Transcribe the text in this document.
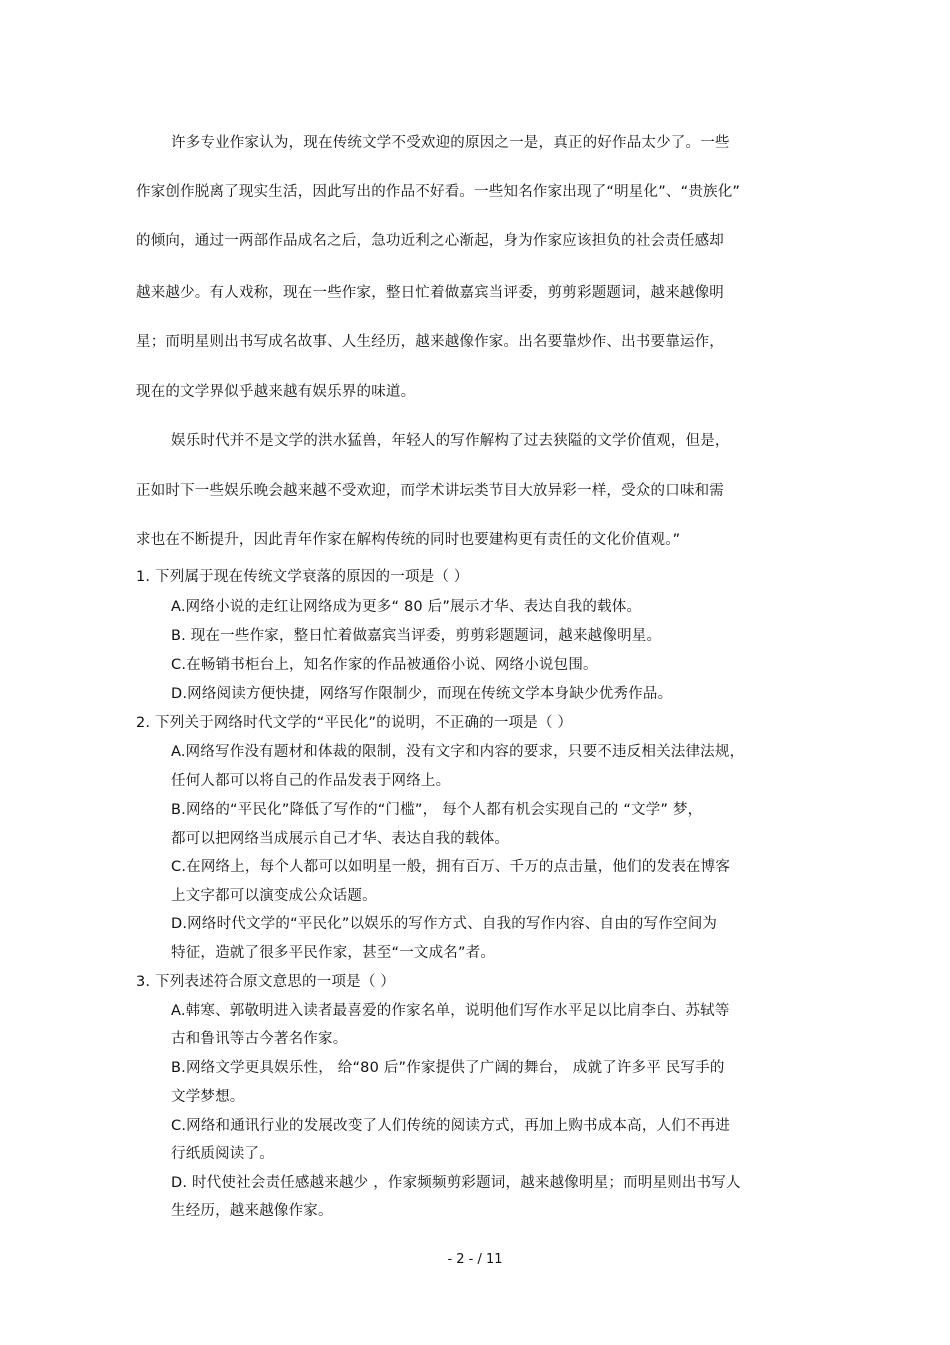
许多专业作家认为，现在传统文学不受欢迎的原因之一是，真正的好作品太少了。一些
作家创作脱离了现实生活，因此写出的作品不好看。一些知名作家出现了“明星化”、“贵族化”
的倾向，通过一两部作品成名之后，急功近利之心渐起，身为作家应该担负的社会责任感却
越来越少。有人戏称，现在一些作家，整日忙着做嘉宾当评委，剪剪彩题题词，越来越像明
星；而明星则出书写成名故事、人生经历，越来越像作家。出名要靠炒作、出书要靠运作，
现在的文学界似乎越来越有娱乐界的味道。
娱乐时代并不是文学的洪水猛兽，年轻人的写作解构了过去狭隘的文学价值观，但是，
正如时下一些娱乐晚会越来越不受欢迎，而学术讲坛类节目大放异彩一样，受众的口味和需
求也在不断提升，因此青年作家在解构传统的同时也要建构更有责任的文化价值观。”
1. 下列属于现在传统文学衰落的原因的一项是（ ）
A.网络小说的走红让网络成为更多“ 80 后”展示才华、表达自我的载体。
B. 现在一些作家，整日忙着做嘉宾当评委，剪剪彩题题词，越来越像明星。
C.在畅销书柜台上，知名作家的作品被通俗小说、网络小说包围。
D.网络阅读方便快捷，网络写作限制少，而现在传统文学本身缺少优秀作品。
2. 下列关于网络时代文学的“平民化”的说明，不正确的一项是（ ）
A.网络写作没有题材和体裁的限制，没有文字和内容的要求，只要不违反相关法律法规，
任何人都可以将自己的作品发表于网络上。
B.网络的“平民化”降低了写作的“门槛”， 每个人都有机会实现自己的 “文学” 梦，
都可以把网络当成展示自己才华、表达自我的载体。
C.在网络上，每个人都可以如明星一般，拥有百万、千万的点击量，他们的发表在博客
上文字都可以演变成公众话题。
D.网络时代文学的“平民化”以娱乐的写作方式、自我的写作内容、自由的写作空间为
特征，造就了很多平民作家，甚至“一文成名”者。
3. 下列表述符合原文意思的一项是（ ）
A.韩寒、郭敬明进入读者最喜爱的作家名单，说明他们写作水平足以比肩李白、苏轼等
古和鲁讯等古今著名作家。
B.网络文学更具娱乐性， 给“80 后”作家提供了广阔的舞台， 成就了许多平 民写手的
文学梦想。
C.网络和通讯行业的发展改变了人们传统的阅读方式，再加上购书成本高，人们不再进
行纸质阅读了。
D. 时代使社会责任感越来越少 ，作家频频剪彩题词，越来越像明星；而明星则出书写人
生经历，越来越像作家。
- 2 - / 11
